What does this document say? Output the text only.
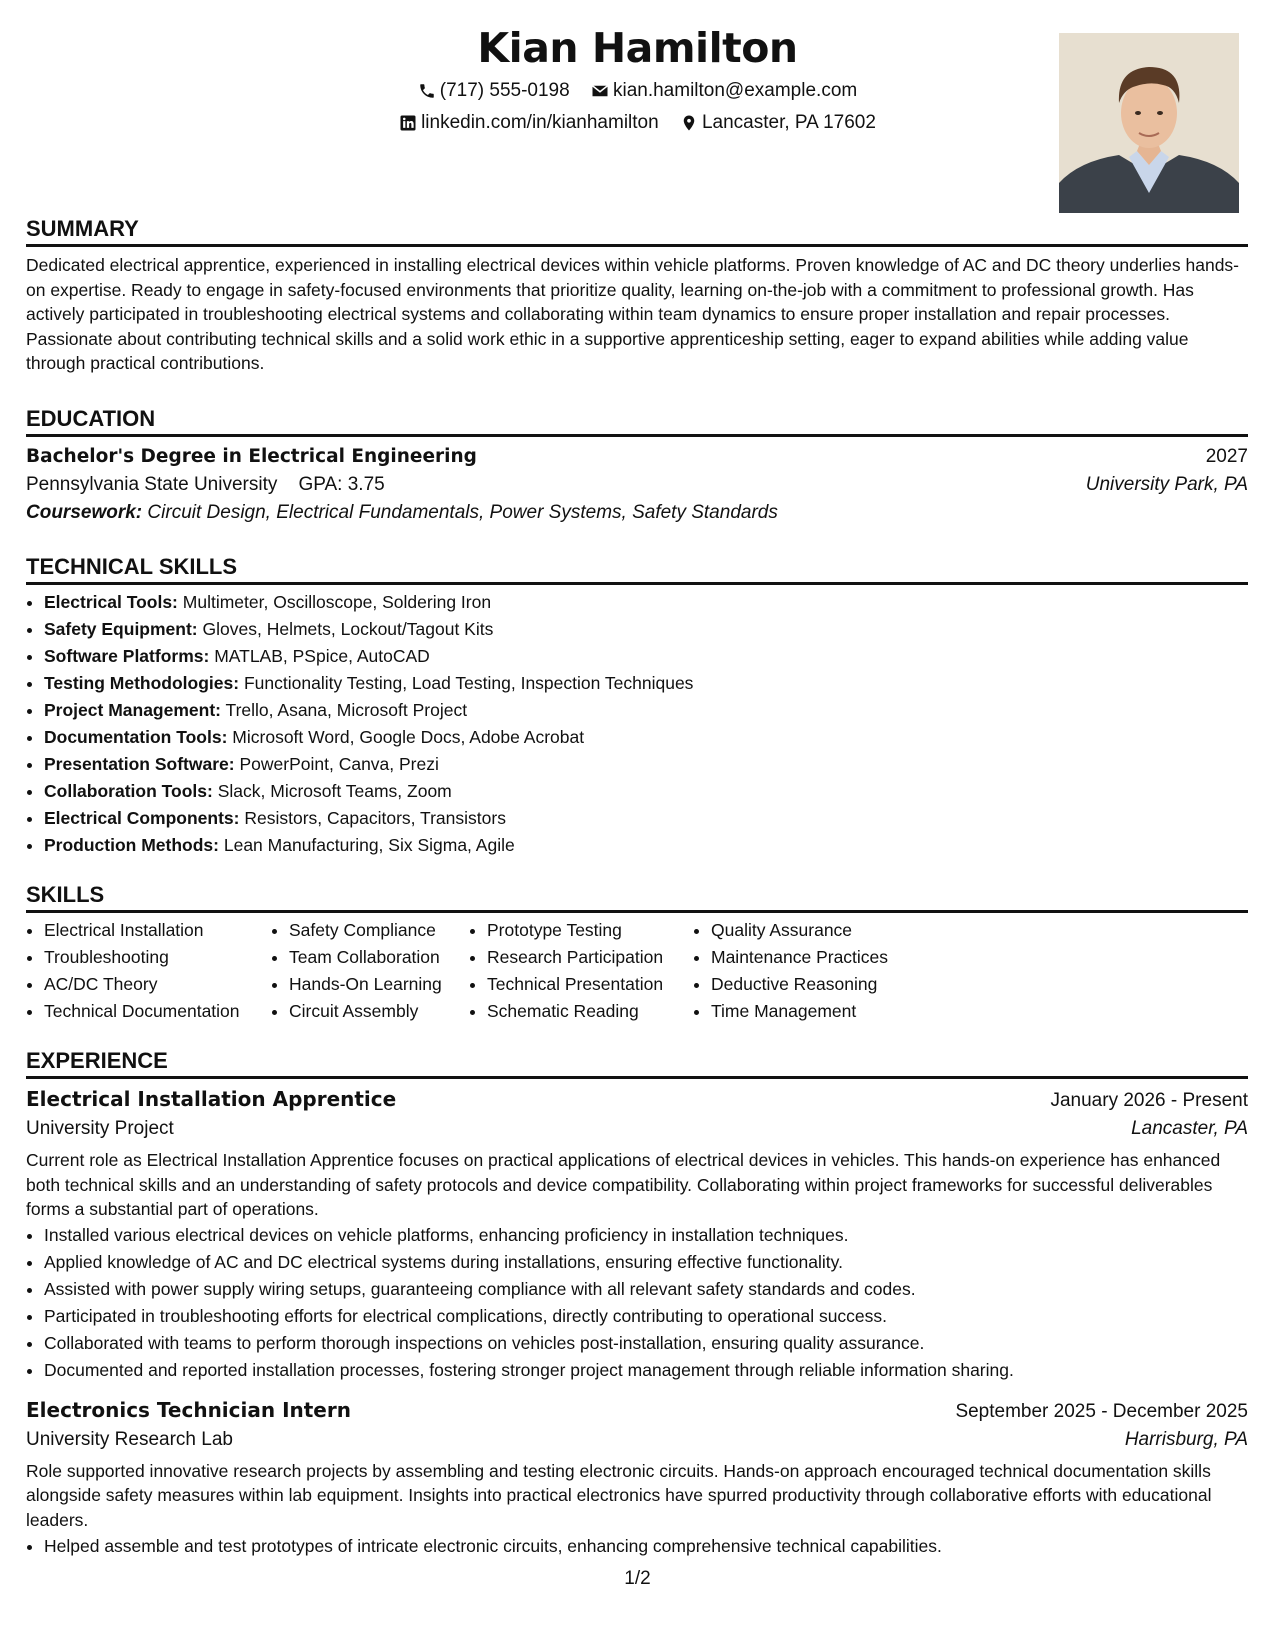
Kian Hamilton
(717) 555-0198
kian.hamilton@example.com
linkedin.com/in/kianhamilton
Lancaster, PA 17602
SUMMARY
Dedicated electrical apprentice, experienced in installing electrical devices within vehicle platforms. Proven knowledge of AC and DC theory underlies hands-on expertise. Ready to engage in safety-focused environments that prioritize quality, learning on-the-job with a commitment to professional growth. Has actively participated in troubleshooting electrical systems and collaborating within team dynamics to ensure proper installation and repair processes. Passionate about contributing technical skills and a solid work ethic in a supportive apprenticeship setting, eager to expand abilities while adding value through practical contributions.
EDUCATION
Bachelor's Degree in Electrical Engineering	2027
Pennsylvania State University GPA: 3.75	University Park, PA
Coursework: Circuit Design, Electrical Fundamentals, Power Systems, Safety Standards
TECHNICAL SKILLS
• Electrical Tools: Multimeter, Oscilloscope, Soldering Iron
• Safety Equipment: Gloves, Helmets, Lockout/Tagout Kits
• Software Platforms: MATLAB, PSpice, AutoCAD
• Testing Methodologies: Functionality Testing, Load Testing, Inspection Techniques
• Project Management: Trello, Asana, Microsoft Project
• Documentation Tools: Microsoft Word, Google Docs, Adobe Acrobat
• Presentation Software: PowerPoint, Canva, Prezi
• Collaboration Tools: Slack, Microsoft Teams, Zoom
• Electrical Components: Resistors, Capacitors, Transistors
• Production Methods: Lean Manufacturing, Six Sigma, Agile
SKILLS
• Electrical Installation
• Troubleshooting
• AC/DC Theory
• Technical Documentation
• Safety Compliance
• Team Collaboration
• Hands-On Learning
• Circuit Assembly
• Prototype Testing
• Research Participation
• Technical Presentation
• Schematic Reading
• Quality Assurance
• Maintenance Practices
• Deductive Reasoning
• Time Management
EXPERIENCE
Electrical Installation Apprentice	January 2026 - Present
University Project	Lancaster, PA
Current role as Electrical Installation Apprentice focuses on practical applications of electrical devices in vehicles. This hands-on experience has enhanced both technical skills and an understanding of safety protocols and device compatibility. Collaborating within project frameworks for successful deliverables forms a substantial part of operations.
• Installed various electrical devices on vehicle platforms, enhancing proficiency in installation techniques.
• Applied knowledge of AC and DC electrical systems during installations, ensuring effective functionality.
• Assisted with power supply wiring setups, guaranteeing compliance with all relevant safety standards and codes.
• Participated in troubleshooting efforts for electrical complications, directly contributing to operational success.
• Collaborated with teams to perform thorough inspections on vehicles post-installation, ensuring quality assurance.
• Documented and reported installation processes, fostering stronger project management through reliable information sharing.
Electronics Technician Intern	September 2025 - December 2025
University Research Lab	Harrisburg, PA
Role supported innovative research projects by assembling and testing electronic circuits. Hands-on approach encouraged technical documentation skills alongside safety measures within lab equipment. Insights into practical electronics have spurred productivity through collaborative efforts with educational leaders.
• Helped assemble and test prototypes of intricate electronic circuits, enhancing comprehensive technical capabilities.
1/2
